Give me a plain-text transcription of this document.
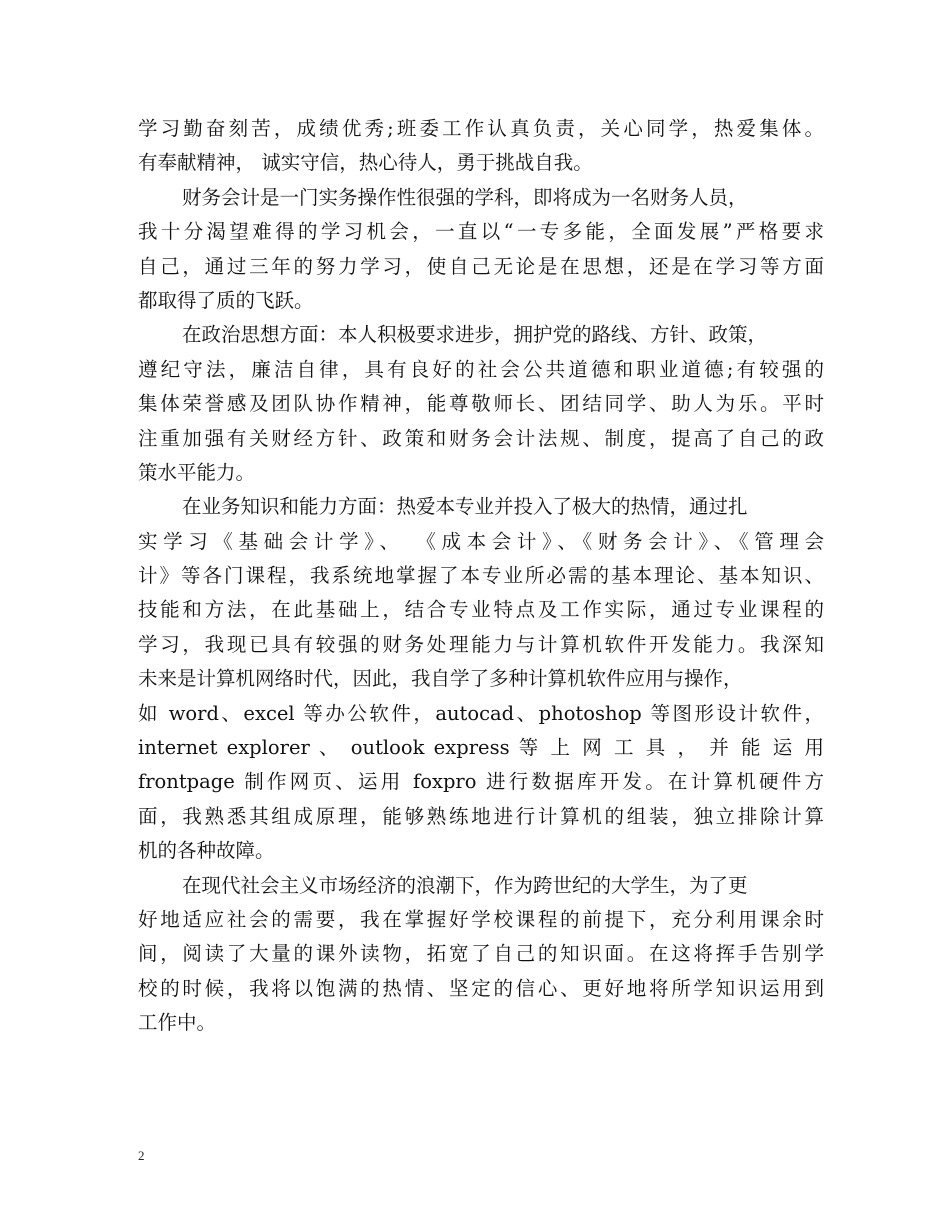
学习勤奋刻苦，成绩优秀;班委工作认真负责，关心同学，热爱集体。
有奉献精神， 诚实守信，热心待人，勇于挑战自我。
财务会计是一门实务操作性很强的学科，即将成为一名财务人员，
我十分渴望难得的学习机会，一直以“一专多能，全面发展”严格要求
自己，通过三年的努力学习，使自己无论是在思想，还是在学习等方面
都取得了质的飞跃。
在政治思想方面：本人积极要求进步，拥护党的路线、方针、政策，
遵纪守法，廉洁自律，具有良好的社会公共道德和职业道德;有较强的
集体荣誉感及团队协作精神，能尊敬师长、团结同学、助人为乐。平时
注重加强有关财经方针、政策和财务会计法规、制度，提高了自己的政
策水平能力。
在业务知识和能力方面：热爱本专业并投入了极大的热情，通过扎
实学习《基础会计学》、 《成本会计》、《财务会计》、《管理会
计》等各门课程，我系统地掌握了本专业所必需的基本理论、基本知识、
技能和方法，在此基础上，结合专业特点及工作实际，通过专业课程的
学习，我现已具有较强的财务处理能力与计算机软件开发能力。我深知
未来是计算机网络时代，因此，我自学了多种计算机软件应用与操作，
如 word、excel 等办公软件，autocad、photoshop 等图形设计软件，
internet explorer 、 outlook express 等 上 网 工 具 ， 并 能 运 用
frontpage 制作网页、运用 foxpro 进行数据库开发。在计算机硬件方
面，我熟悉其组成原理，能够熟练地进行计算机的组装，独立排除计算
机的各种故障。
在现代社会主义市场经济的浪潮下，作为跨世纪的大学生，为了更
好地适应社会的需要，我在掌握好学校课程的前提下，充分利用课余时
间，阅读了大量的课外读物，拓宽了自己的知识面。在这将挥手告别学
校的时候，我将以饱满的热情、坚定的信心、更好地将所学知识运用到
工作中。
2
